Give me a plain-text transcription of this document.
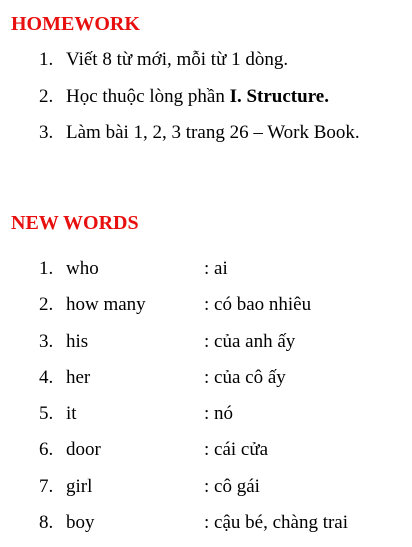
HOMEWORK
1. Viết 8 từ mới, mỗi từ 1 dòng.
2. Học thuộc lòng phần I. Structure.
3. Làm bài 1, 2, 3 trang 26 – Work Book.
NEW WORDS
1. who	: ai
2. how many	: có bao nhiêu
3. his	: của anh ấy
4. her	: của cô ấy
5. it	: nó
6. door	: cái cửa
7. girl	: cô gái
8. boy	: cậu bé, chàng trai
